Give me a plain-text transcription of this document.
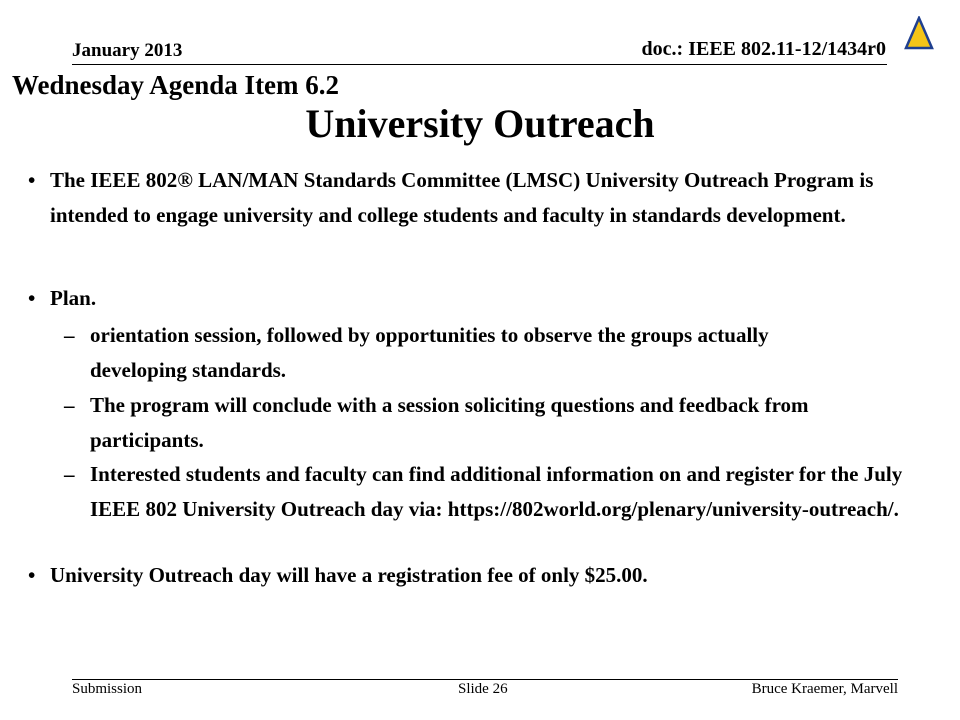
January 2013	doc.: IEEE 802.11-12/1434r0
Wednesday Agenda Item 6.2
University Outreach
• The IEEE 802® LAN/MAN Standards Committee (LMSC) University Outreach Program is intended to engage university and college students and faculty in standards development.
• Plan.
– orientation session, followed by opportunities to observe the groups actually developing standards.
– The program will conclude with a session soliciting questions and feedback from participants.
– Interested students and faculty can find additional information on and register for the July IEEE 802 University Outreach day via: https://802world.org/plenary/university-outreach/.
• University Outreach day will have a registration fee of only $25.00.
Submission	Slide 26	Bruce Kraemer, Marvell
